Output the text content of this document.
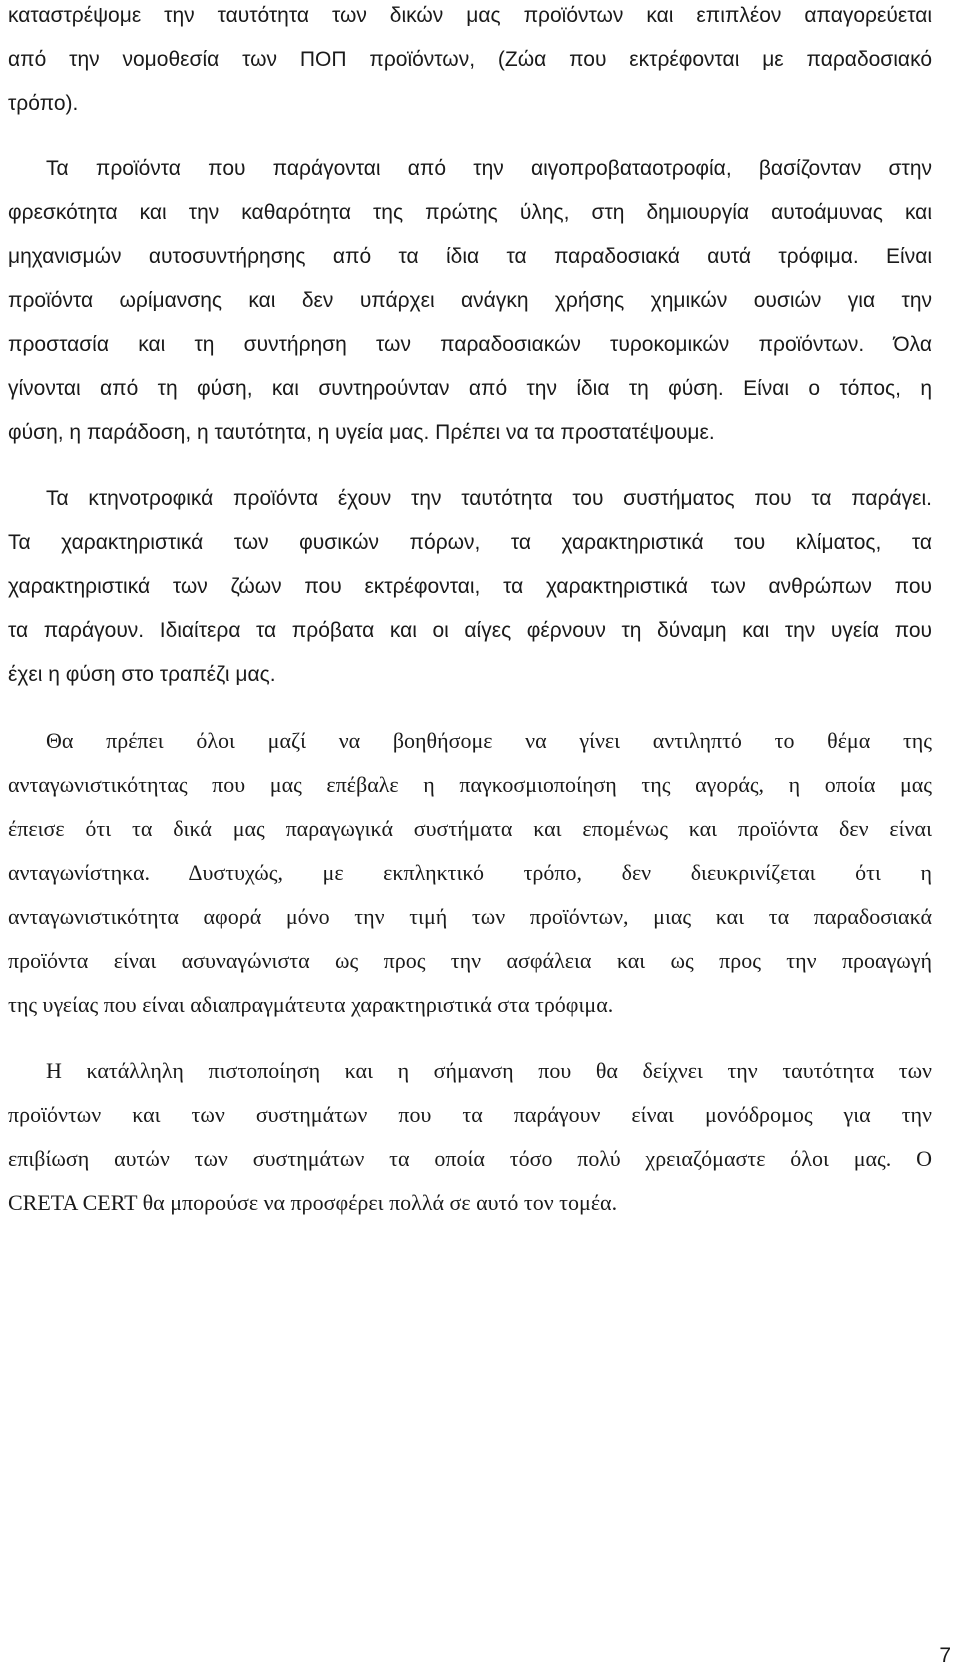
καταστρέψομε την ταυτότητα των δικών μας προϊόντων και επιπλέον απαγορεύεται
από την νομοθεσία των ΠΟΠ προϊόντων, (Ζώα που εκτρέφονται με παραδοσιακό
τρόπο).
Τα προϊόντα που παράγονται από την αιγοπροβαταοτροφία, βασίζονταν στην
φρεσκότητα και την καθαρότητα της πρώτης ύλης, στη δημιουργία αυτοάμυνας και
μηχανισμών αυτοσυντήρησης από τα ίδια τα παραδοσιακά αυτά τρόφιμα. Είναι
προϊόντα ωρίμανσης και δεν υπάρχει ανάγκη χρήσης χημικών ουσιών για την
προστασία και τη συντήρηση των παραδοσιακών τυροκομικών προϊόντων. Όλα
γίνονται από τη φύση, και συντηρούνταν από την ίδια τη φύση. Είναι ο τόπος, η
φύση, η παράδοση, η ταυτότητα, η υγεία μας. Πρέπει να τα προστατέψουμε.
Τα κτηνοτροφικά προϊόντα έχουν την ταυτότητα του συστήματος που τα παράγει.
Τα χαρακτηριστικά των φυσικών πόρων, τα χαρακτηριστικά του κλίματος, τα
χαρακτηριστικά των ζώων που εκτρέφονται, τα χαρακτηριστικά των ανθρώπων που
τα παράγουν. Ιδιαίτερα τα πρόβατα και οι αίγες φέρνουν τη δύναμη και την υγεία που
έχει η φύση στο τραπέζι μας.
Θα πρέπει όλοι μαζί να βοηθήσομε να γίνει αντιληπτό το θέμα της
ανταγωνιστικότητας που μας επέβαλε η παγκοσμιοποίηση της αγοράς, η οποία μας
έπεισε ότι τα δικά μας παραγωγικά συστήματα και επομένως και προϊόντα δεν είναι
ανταγωνίστηκα. Δυστυχώς, με εκπληκτικό τρόπο, δεν διευκρινίζεται ότι η
ανταγωνιστικότητα αφορά μόνο την τιμή των προϊόντων, μιας και τα παραδοσιακά
προϊόντα είναι ασυναγώνιστα ως προς την ασφάλεια και ως προς την προαγωγή
της υγείας που είναι αδιαπραγμάτευτα χαρακτηριστικά στα τρόφιμα.
Η κατάλληλη πιστοποίηση και η σήμανση που θα δείχνει την ταυτότητα των
προϊόντων και των συστημάτων που τα παράγουν είναι μονόδρομος για την
επιβίωση αυτών των συστημάτων τα οποία τόσο πολύ χρειαζόμαστε όλοι μας. Ο
CRETA CERT θα μπορούσε να προσφέρει πολλά σε αυτό τον τομέα.
7
